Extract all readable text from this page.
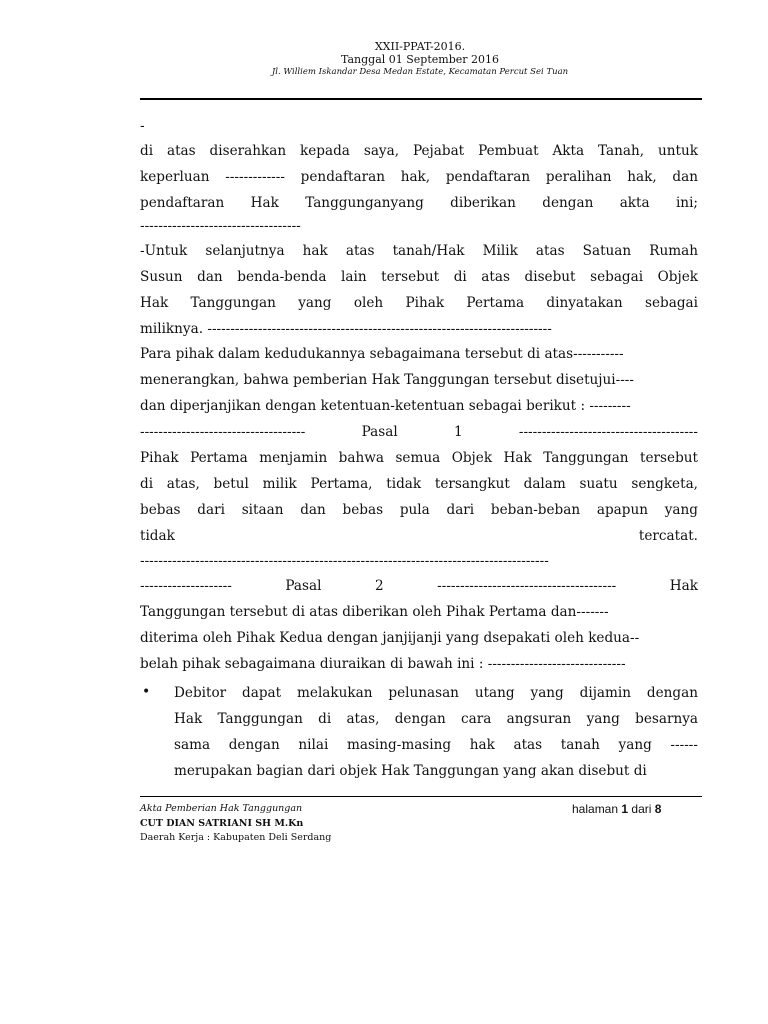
XXII-PPAT-2016.
Tanggal 01 September 2016
Jl. Williem Iskandar Desa Medan Estate, Kecamatan Percut Sei Tuan
-
di atas diserahkan kepada saya, Pejabat Pembuat Akta Tanah, untuk
keperluan ------------- pendaftaran hak, pendaftaran peralihan hak, dan
pendaftaran Hak Tanggunganyang diberikan dengan akta ini;
-----------------------------------
-Untuk selanjutnya hak atas tanah/Hak Milik atas Satuan Rumah
Susun dan benda-benda lain tersebut di atas disebut sebagai Objek
Hak Tanggungan yang oleh Pihak Pertama dinyatakan sebagai
miliknya. ---------------------------------------------------------------------------
Para pihak dalam kedudukannya sebagaimana tersebut di atas-----------
menerangkan, bahwa pemberian Hak Tanggungan tersebut disetujui----
dan diperjanjikan dengan ketentuan-ketentuan sebagai berikut : ---------
------------------------------------ Pasal 1 ---------------------------------------
Pihak Pertama menjamin bahwa semua Objek Hak Tanggungan tersebut
di atas, betul milik Pertama, tidak tersangkut dalam suatu sengketa,
bebas dari sitaan dan bebas pula dari beban-beban apapun yang
tidak	tercatat.
-----------------------------------------------------------------------------------------
-------------------- Pasal 2 --------------------------------------- Hak
Tanggungan tersebut di atas diberikan oleh Pihak Pertama dan-------
diterima oleh Pihak Kedua dengan janjijanji yang dsepakati oleh kedua--
belah pihak sebagaimana diuraikan di bawah ini : ------------------------------
• Debitor dapat melakukan pelunasan utang yang dijamin dengan
Hak Tanggungan di atas, dengan cara angsuran yang besarnya
sama dengan nilai masing-masing hak atas tanah yang ------
merupakan bagian dari objek Hak Tanggungan yang akan disebut di
Akta Pemberian Hak Tanggungan	halaman 1 dari 8
CUT DIAN SATRIANI SH M.Kn
Daerah Kerja : Kabupaten Deli Serdang
